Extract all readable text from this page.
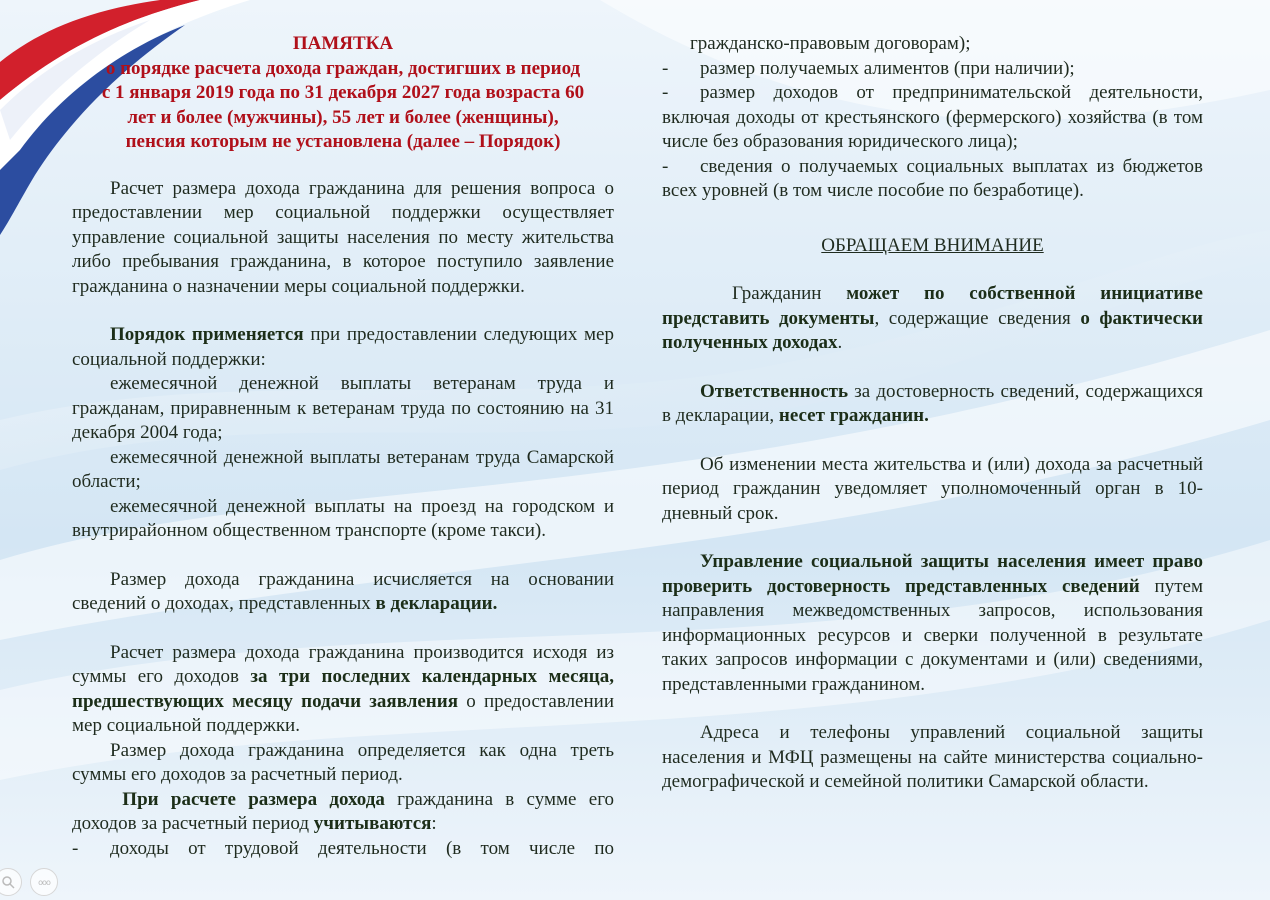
ПАМЯТКА
о порядке расчета дохода граждан, достигших в период
с 1 января 2019 года по 31 декабря 2027 года возраста 60
лет и более (мужчины), 55 лет и более (женщины),
пенсия которым не установлена (далее – Порядок)

Расчет размера дохода гражданина для решения вопроса о предоставлении мер социальной поддержки осуществляет управление социальной защиты населения по месту жительства либо пребывания гражданина, в которое поступило заявление гражданина о назначении меры социальной поддержки.

Порядок применяется при предоставлении следующих мер социальной поддержки:

ежемесячной денежной выплаты ветеранам труда и гражданам, приравненным к ветеранам труда по состоянию на 31 декабря 2004 года;

ежемесячной денежной выплаты ветеранам труда Самарской области;

ежемесячной денежной выплаты на проезд на городском и внутрирайонном общественном транспорте (кроме такси).

Размер дохода гражданина исчисляется на основании сведений о доходах, представленных в декларации.

Расчет размера дохода гражданина производится исходя из суммы его доходов за три последних календарных месяца, предшествующих месяцу подачи заявления о предоставлении мер социальной поддержки.

Размер дохода гражданина определяется как одна треть суммы его доходов за расчетный период.

При расчете размера дохода гражданина в сумме его доходов за расчетный период учитываются:

-	доходы от трудовой деятельности (в том числе по

гражданско-правовым договорам);

-	размер получаемых алиментов (при наличии);

- размер доходов от предпринимательской деятельности, включая доходы от крестьянского (фермерского) хозяйства (в том числе без образования юридического лица);

- сведения о получаемых социальных выплатах из бюджетов всех уровней (в том числе пособие по безработице).

ОБРАЩАЕМ ВНИМАНИЕ

Гражданин может по собственной инициативе представить документы, содержащие сведения о фактически полученных доходах.

Ответственность за достоверность сведений, содержащихся в декларации, несет гражданин.

Об изменении места жительства и (или) дохода за расчетный период гражданин уведомляет уполномоченный орган в 10-дневный срок.

Управление социальной защиты населения имеет право проверить достоверность представленных сведений путем направления межведомственных запросов, использования информационных ресурсов и сверки полученной в результате таких запросов информации с документами и (или) сведениями, представленными гражданином.

Адреса и телефоны управлений социальной защиты населения и МФЦ размещены на сайте министерства социально-демографической и семейной политики Самарской области.

ooo
